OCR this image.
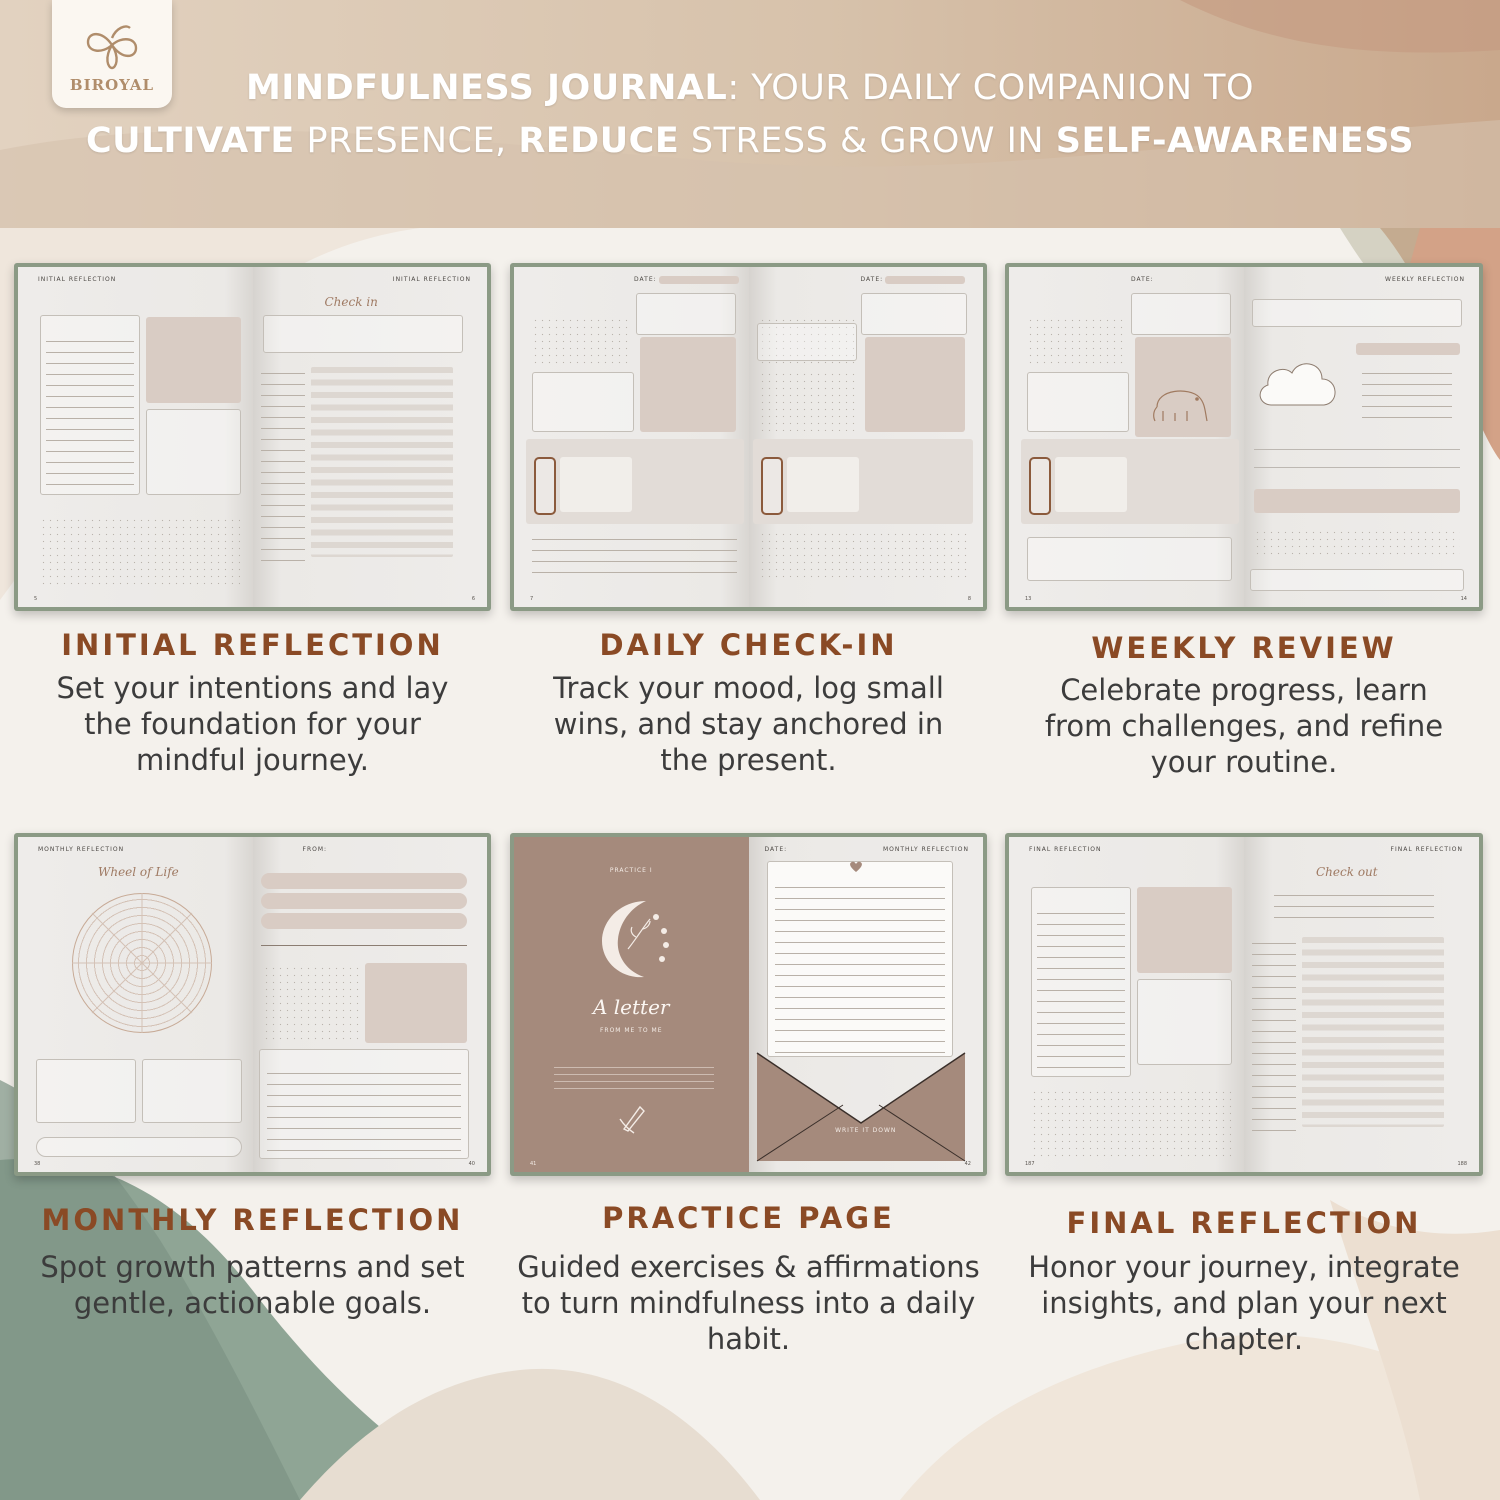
BIROYAL	MINDFULNESS JOURNAL: YOUR DAILY COMPANION TO
CULTIVATE PRESENCE, REDUCE STRESS & GROW IN SELF-AWARENESS
INITIAL REFLECTION
5
INITIAL REFLECTION
Check in
6
DATE:
7
DATE:
8
DATE:
13
WEEKLY REFLECTION
14
INITIAL REFLECTION
Set your intentions and lay the foundation for your mindful journey.
DAILY CHECK-IN
Track your mood, log small wins, and stay anchored in the present.
WEEKLY REVIEW
Celebrate progress, learn from challenges, and refine your routine.
MONTHLY REFLECTION
Wheel of Life
38
FROM:
40
PRACTICE I
A letter
FROM ME TO ME
41
DATE:	MONTHLY REFLECTION
WRITE IT DOWN
42
FINAL REFLECTION
187
FINAL REFLECTION
Check out
188
MONTHLY REFLECTION
Spot growth patterns and set gentle, actionable goals.
PRACTICE PAGE
Guided exercises & affirmations to turn mindfulness into a daily habit.
FINAL REFLECTION
Honor your journey, integrate insights, and plan your next chapter.
